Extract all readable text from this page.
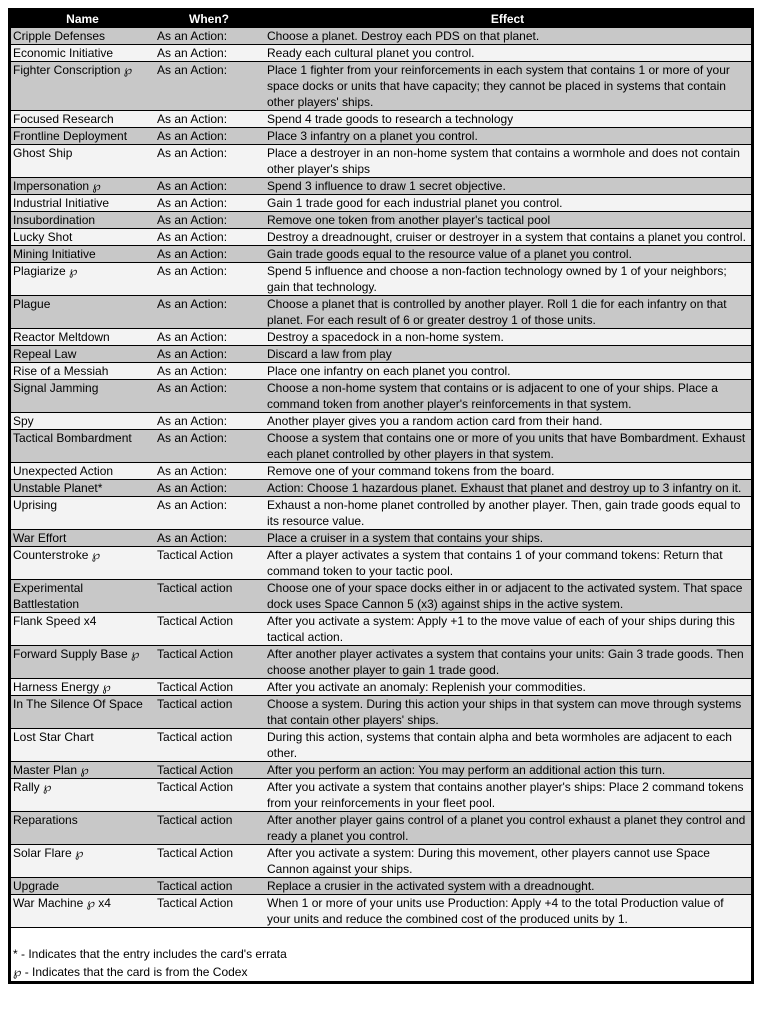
Name	When?	Effect
Cripple Defenses	As an Action:	Choose a planet. Destroy each PDS on that planet.
Economic Initiative	As an Action:	Ready each cultural planet you control.
Fighter Conscription ℘	As an Action:	Place 1 fighter from your reinforcements in each system that contains 1 or more of your space docks or units that have capacity; they cannot be placed in systems that contain other players' ships.
Focused Research	As an Action:	Spend 4 trade goods to research a technology
Frontline Deployment	As an Action:	Place 3 infantry on a planet you control.
Ghost Ship	As an Action:	Place a destroyer in an non-home system that contains a wormhole and does not contain other player's ships
Impersonation ℘	As an Action:	Spend 3 influence to draw 1 secret objective.
Industrial Initiative	As an Action:	Gain 1 trade good for each industrial planet you control.
Insubordination	As an Action:	Remove one token from another player's tactical pool
Lucky Shot	As an Action:	Destroy a dreadnought, cruiser or destroyer in a system that contains a planet you control.
Mining Initiative	As an Action:	Gain trade goods equal to the resource value of a planet you control.
Plagiarize ℘	As an Action:	Spend 5 influence and choose a non-faction technology owned by 1 of your neighbors; gain that technology.
Plague	As an Action:	Choose a planet that is controlled by another player. Roll 1 die for each infantry on that planet. For each result of 6 or greater destroy 1 of those units.
Reactor Meltdown	As an Action:	Destroy a spacedock in a non-home system.
Repeal Law	As an Action:	Discard a law from play
Rise of a Messiah	As an Action:	Place one infantry on each planet you control.
Signal Jamming	As an Action:	Choose a non-home system that contains or is adjacent to one of your ships. Place a command token from another player's reinforcements in that system.
Spy	As an Action:	Another player gives you a random action card from their hand.
Tactical Bombardment	As an Action:	Choose a system that contains one or more of you units that have Bombardment. Exhaust each planet controlled by other players in that system.
Unexpected Action	As an Action:	Remove one of your command tokens from the board.
Unstable Planet*	As an Action:	Action: Choose 1 hazardous planet. Exhaust that planet and destroy up to 3 infantry on it.
Uprising	As an Action:	Exhaust a non-home planet controlled by another player. Then, gain trade goods equal to its resource value.
War Effort	As an Action:	Place a cruiser in a system that contains your ships.
Counterstroke ℘	Tactical Action	After a player activates a system that contains 1 of your command tokens: Return that command token to your tactic pool.
Experimental Battlestation	Tactical action	Choose one of your space docks either in or adjacent to the activated system. That space dock uses Space Cannon 5 (x3) against ships in the active system.
Flank Speed x4	Tactical Action	After you activate a system: Apply +1 to the move value of each of your ships during this tactical action.
Forward Supply Base ℘	Tactical Action	After another player activates a system that contains your units: Gain 3 trade goods. Then choose another player to gain 1 trade good.
Harness Energy ℘	Tactical Action	After you activate an anomaly: Replenish your commodities.
In The Silence Of Space	Tactical action	Choose a system. During this action your ships in that system can move through systems that contain other players' ships.
Lost Star Chart	Tactical action	During this action, systems that contain alpha and beta wormholes are adjacent to each other.
Master Plan ℘	Tactical Action	After you perform an action: You may perform an additional action this turn.
Rally ℘	Tactical Action	After you activate a system that contains another player's ships: Place 2 command tokens from your reinforcements in your fleet pool.
Reparations	Tactical action	After another player gains control of a planet you control exhaust a planet they control and ready a planet you control.
Solar Flare ℘	Tactical Action	After you activate a system: During this movement, other players cannot use Space Cannon against your ships.
Upgrade	Tactical action	Replace a crusier in the activated system with a dreadnought.
War Machine ℘ x4	Tactical Action	When 1 or more of your units use Production: Apply +4 to the total Production value of your units and reduce the combined cost of the produced units by 1.
* - Indicates that the entry includes the card's errata
℘ - Indicates that the card is from the Codex
